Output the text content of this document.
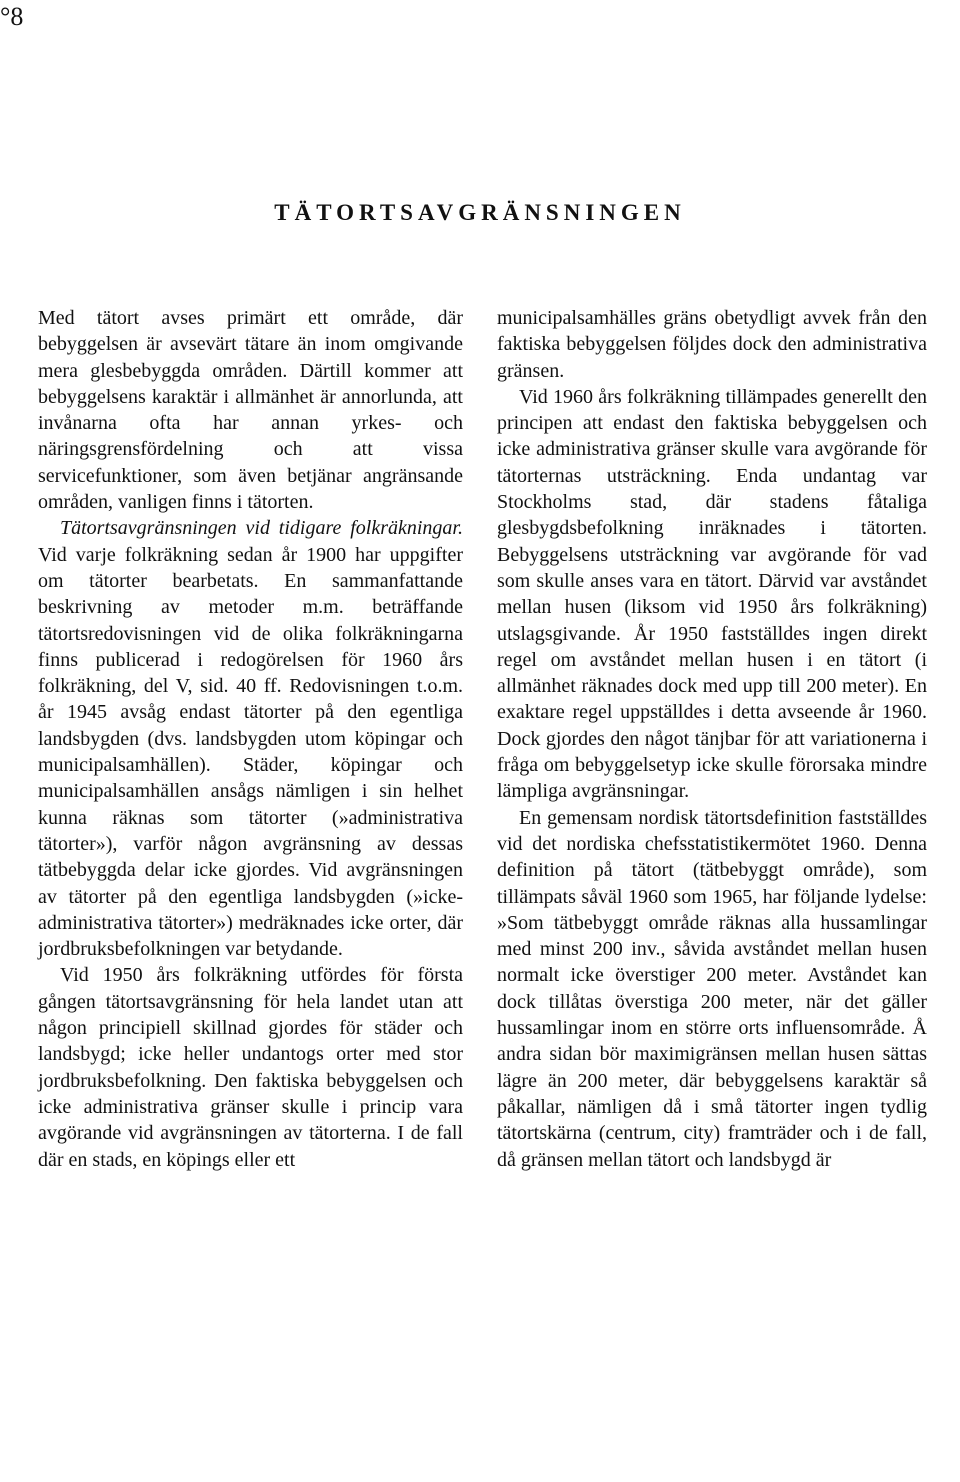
°8
TÄTORTSAVGRÄNSNINGEN

Med tätort avses primärt ett område, där bebyggelsen är avsevärt tätare än inom omgivande mera glesbebyggda områden. Därtill kommer att bebyggelsens karaktär i allmänhet är annorlunda, att invånarna ofta har annan yrkes- och näringsgrensfördelning och att vissa servicefunktioner, som även betjänar angränsande områden, vanligen finns i tätorten.

Tätortsavgränsningen vid tidigare folkräkningar. Vid varje folkräkning sedan år 1900 har uppgifter om tätorter bearbetats. En sammanfattande beskrivning av metoder m.m. beträffande tätortsredovisningen vid de olika folkräkningarna finns publicerad i redogörelsen för 1960 års folkräkning, del V, sid. 40 ff. Redovisningen t.o.m. år 1945 avsåg endast tätorter på den egentliga landsbygden (dvs. landsbygden utom köpingar och municipalsamhällen). Städer, köpingar och municipalsamhällen ansågs nämligen i sin helhet kunna räknas som tätorter (»administrativa tätorter»), varför någon avgränsning av dessas tätbebyggda delar icke gjordes. Vid avgränsningen av tätorter på den egentliga landsbygden (»icke-administrativa tätorter») medräknades icke orter, där jordbruksbefolkningen var betydande.

Vid 1950 års folkräkning utfördes för första gången tätortsavgränsning för hela landet utan att någon principiell skillnad gjordes för städer och landsbygd; icke heller undantogs orter med stor jordbruksbefolkning. Den faktiska bebyggelsen och icke administrativa gränser skulle i princip vara avgörande vid avgränsningen av tätorterna. I de fall där en stads, en köpings eller ett

municipalsamhälles gräns obetydligt avvek från den faktiska bebyggelsen följdes dock den administrativa gränsen.

Vid 1960 års folkräkning tillämpades generellt den principen att endast den faktiska bebyggelsen och icke administrativa gränser skulle vara avgörande för tätorternas utsträckning. Enda undantag var Stockholms stad, där stadens fåtaliga glesbygdsbefolkning inräknades i tätorten. Bebyggelsens utsträckning var avgörande för vad som skulle anses vara en tätort. Därvid var avståndet mellan husen (liksom vid 1950 års folkräkning) utslagsgivande. År 1950 fastställdes ingen direkt regel om avståndet mellan husen i en tätort (i allmänhet räknades dock med upp till 200 meter). En exaktare regel uppställdes i detta avseende år 1960. Dock gjordes den något tänjbar för att variationerna i fråga om bebyggelsetyp icke skulle förorsaka mindre lämpliga avgränsningar.

En gemensam nordisk tätortsdefinition fastställdes vid det nordiska chefsstatistikermötet 1960. Denna definition på tätort (tätbebyggt område), som tillämpats såväl 1960 som 1965, har följande lydelse: »Som tätbebyggt område räknas alla hussamlingar med minst 200 inv., såvida avståndet mellan husen normalt icke överstiger 200 meter. Avståndet kan dock tillåtas överstiga 200 meter, när det gäller hussamlingar inom en större orts influensområde. Å andra sidan bör maximigränsen mellan husen sättas lägre än 200 meter, där bebyggelsens karaktär så påkallar, nämligen då i små tätorter ingen tydlig tätortskärna (centrum, city) framträder och i de fall, då gränsen mellan tätort och landsbygd är
